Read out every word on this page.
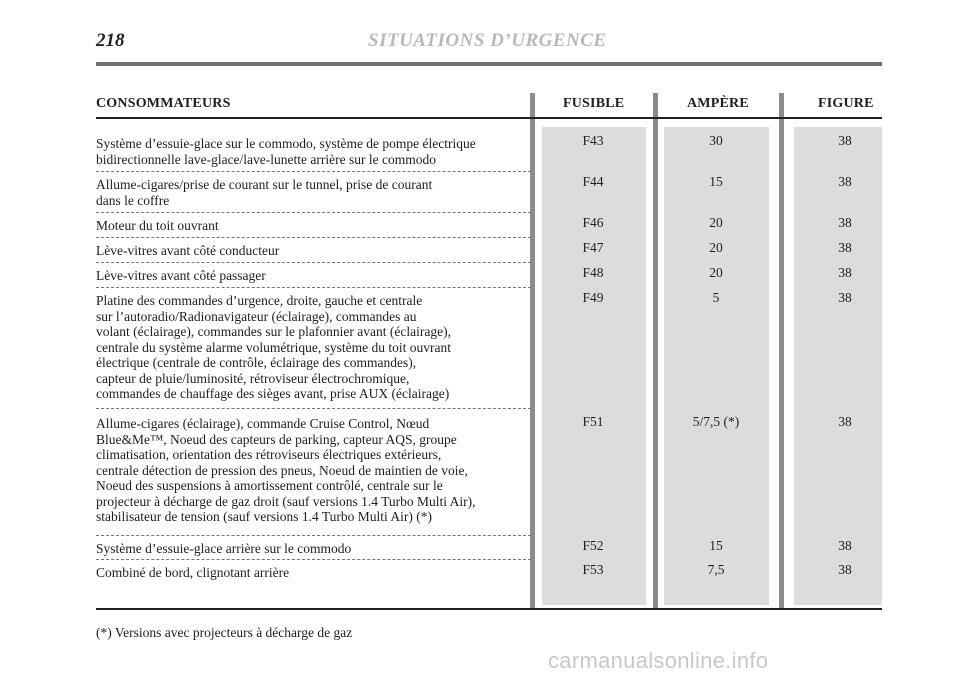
218	SITUATIONS D’URGENCE
CONSOMMATEURS	FUSIBLE	AMPÈRE	FIGURE
Système d’essuie-glace sur le commodo, système de pompe électrique
bidirectionnelle lave-glace/lave-lunette arrière sur le commodo
F43	30	38
Allume-cigares/prise de courant sur le tunnel, prise de courant
dans le coffre
F44	15	38
Moteur du toit ouvrant	F46	20	38
Lève-vitres avant côté conducteur	F47	20	38
Lève-vitres avant côté passager	F48	20	38
Platine des commandes d’urgence, droite, gauche et centrale
sur l’autoradio/Radionavigateur (éclairage), commandes au
volant (éclairage), commandes sur le plafonnier avant (éclairage),
centrale du système alarme volumétrique, système du toit ouvrant
électrique (centrale de contrôle, éclairage des commandes),
capteur de pluie/luminosité, rétroviseur électrochromique,
commandes de chauffage des sièges avant, prise AUX (éclairage)
F49	5	38
Allume-cigares (éclairage), commande Cruise Control, Nœud
Blue&Me™, Noeud des capteurs de parking, capteur AQS, groupe
climatisation, orientation des rétroviseurs électriques extérieurs,
centrale détection de pression des pneus, Noeud de maintien de voie,
Noeud des suspensions à amortissement contrôlé, centrale sur le
projecteur à décharge de gaz droit (sauf versions 1.4 Turbo Multi Air),
stabilisateur de tension (sauf versions 1.4 Turbo Multi Air) (*)
F51	5/7,5 (*)	38
Système d’essuie-glace arrière sur le commodo	F52	15	38
Combiné de bord, clignotant arrière	F53	7,5	38
(*) Versions avec projecteurs à décharge de gaz
carmanualsonline.info
